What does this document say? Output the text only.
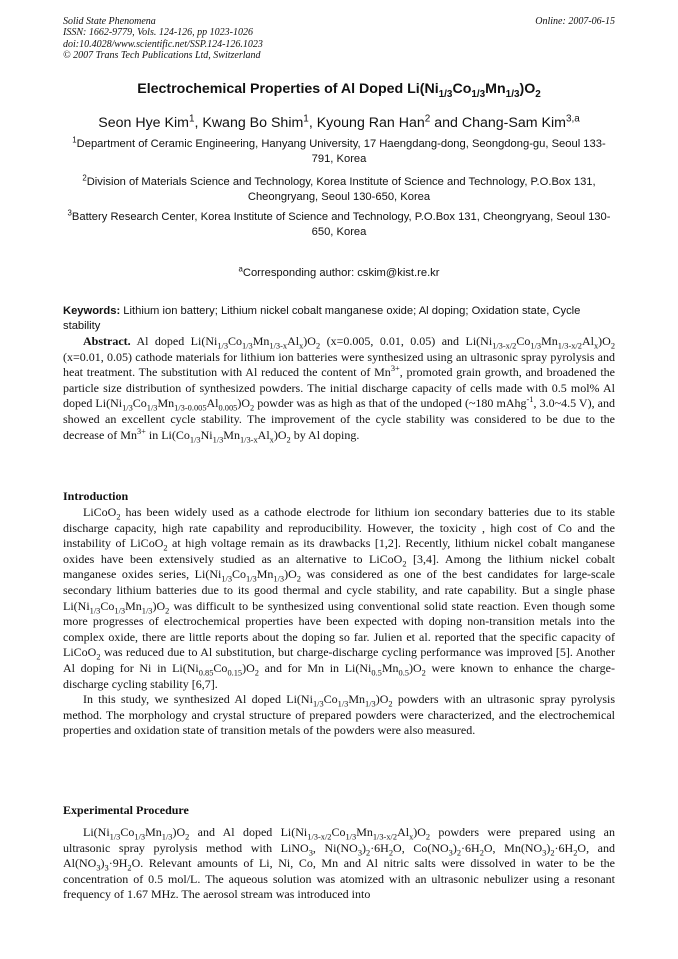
Solid State Phenomena
ISSN: 1662-9779, Vols. 124-126, pp 1023-1026
doi:10.4028/www.scientific.net/SSP.124-126.1023
© 2007 Trans Tech Publications Ltd, Switzerland
Online: 2007-06-15
Electrochemical Properties of Al Doped $Li(Ni_{1/3}Co_{1/3}Mn_{1/3})O_2$
Seon Hye Kim$^1$, Kwang Bo Shim$^1$, Kyoung Ran Han$^2$ and Chang-Sam Kim$^{3,a}$
$^1$Department of Ceramic Engineering, Hanyang University, 17 Haengdang-dong, Seongdong-gu, Seoul 133-791, Korea
$^2$Division of Materials Science and Technology, Korea Institute of Science and Technology, P.O.Box 131, Cheongryang, Seoul 130-650, Korea
$^3$Battery Research Center, Korea Institute of Science and Technology, P.O.Box 131, Cheongryang, Seoul 130-650, Korea
$^a$Corresponding author: cskim@kist.re.kr
Keywords: Lithium ion battery; Lithium nickel cobalt manganese oxide; Al doping; Oxidation state, Cycle stability
Abstract. Al doped $Li(Ni_{1/3}Co_{1/3}Mn_{1/3-x}Al_x)O_2$ (x=0.005, 0.01, 0.05) and $Li(Ni_{1/3-x/2}Co_{1/3}Mn_{1/3-x/2}Al_x)O_2$ (x=0.01, 0.05) cathode materials for lithium ion batteries were synthesized using an ultrasonic spray pyrolysis and heat treatment. The substitution with Al reduced the content of $Mn^{3+}$, promoted grain growth, and broadened the particle size distribution of synthesized powders. The initial discharge capacity of cells made with 0.5 mol% Al doped $Li(Ni_{1/3}Co_{1/3}Mn_{1/3-0.005}Al_{0.005})O_2$ powder was as high as that of the undoped (~180 mAhg$^{-1}$, 3.0~4.5 V), and showed an excellent cycle stability. The improvement of the cycle stability was considered to be due to the decrease of $Mn^{3+}$ in $Li(Co_{1/3}Ni_{1/3}Mn_{1/3-x}Al_x)O_2$ by Al doping.
Introduction

LiCoO$_2$ has been widely used as a cathode electrode for lithium ion secondary batteries due to its stable discharge capacity, high rate capability and reproducibility. However, the toxicity , high cost of Co and the instability of LiCoO$_2$ at high voltage remain as its drawbacks [1,2]. Recently, lithium nickel cobalt manganese oxides have been extensively studied as an alternative to LiCoO$_2$ [3,4]. Among the lithium nickel cobalt manganese oxides series, $Li(Ni_{1/3}Co_{1/3}Mn_{1/3})O_2$ was considered as one of the best candidates for large-scale secondary lithium batteries due to its good thermal and cycle stability, and rate capability. But a single phase $Li(Ni_{1/3}Co_{1/3}Mn_{1/3})O_2$ was difficult to be synthesized using conventional solid state reaction. Even though some more progresses of electrochemical properties have been expected with doping non-transition metals into the complex oxide, there are little reports about the doping so far. Julien et al. reported that the specific capacity of LiCoO$_2$ was reduced due to Al substitution, but charge-discharge cycling performance was improved [5]. Another Al doping for Ni in $Li(Ni_{0.85}Co_{0.15})O_2$ and for Mn in $Li(Ni_{0.5}Mn_{0.5})O_2$ were known to enhance the charge-discharge cycling stability [6,7].

In this study, we synthesized Al doped $Li(Ni_{1/3}Co_{1/3}Mn_{1/3})O_2$ powders with an ultrasonic spray pyrolysis method. The morphology and crystal structure of prepared powders were characterized, and the electrochemical properties and oxidation state of transition metals of the powders were also measured.

Experimental Procedure
$Li(Ni_{1/3}Co_{1/3}Mn_{1/3})O_2$ and Al doped $Li(Ni_{1/3-x/2}Co_{1/3}Mn_{1/3-x/2}Al_x)O_2$ powders were prepared using an ultrasonic spray pyrolysis method with LiNO$_3$, $Ni(NO_3)_2\cdot 6H_2O$, $Co(NO_3)_2\cdot 6H_2O$, $Mn(NO_3)_2\cdot 6H_2O$, and $Al(NO_3)_3\cdot 9H_2O$. Relevant amounts of Li, Ni, Co, Mn and Al nitric salts were dissolved in water to be the concentration of 0.5 mol/L. The aqueous solution was atomized with an ultrasonic nebulizer using a resonant frequency of 1.67 MHz. The aerosol stream was introduced into
